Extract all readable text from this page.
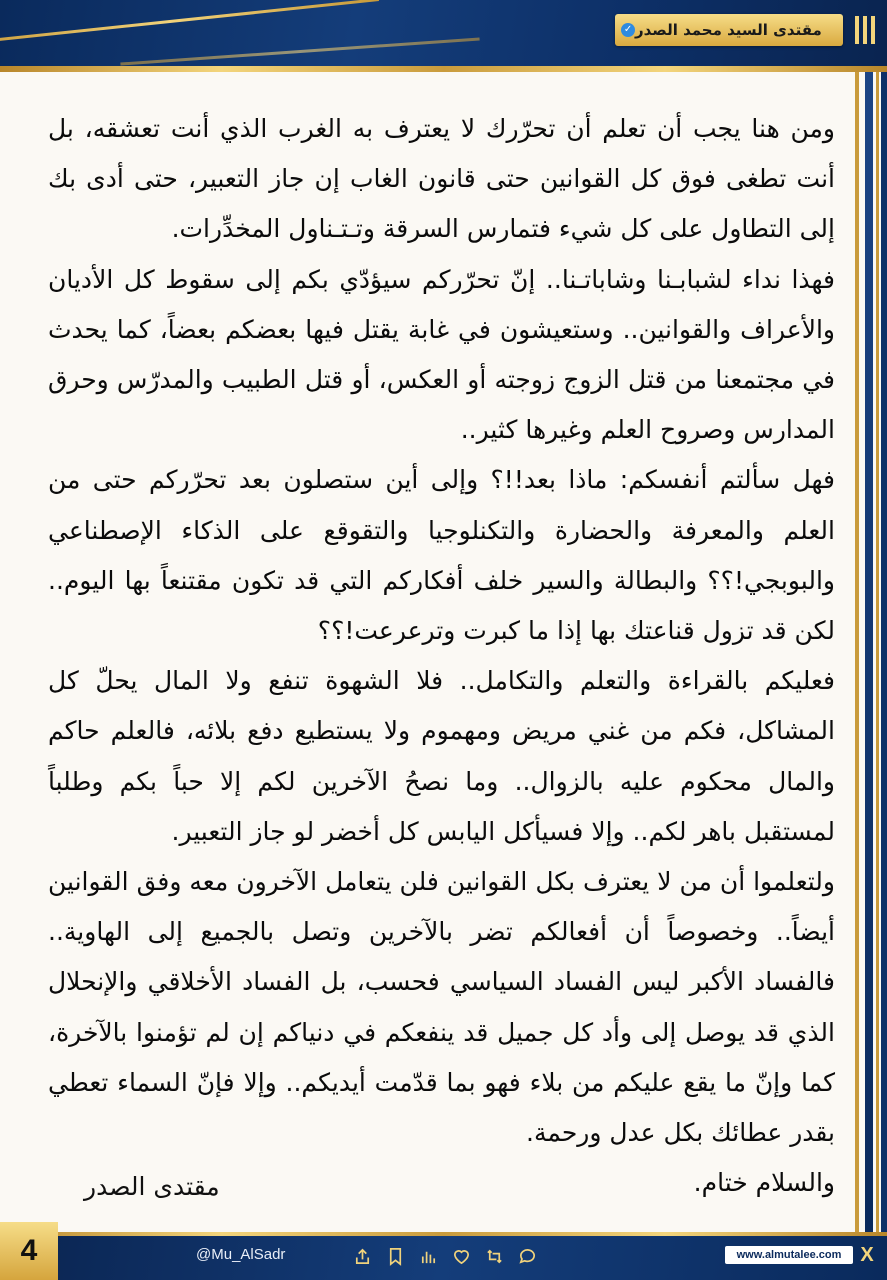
مقتدى السيد محمد الصدر
✓

ومن هنا يجب أن تعلم أن تحرّرك لا يعترف به الغرب الذي أنت تعشقه، بل أنت تطغى فوق كل القوانين حتى قانون الغاب إن جاز التعبير، حتى أدى بك إلى التطاول على كل شيء فتمارس السرقة وتـتـناول المخدِّرات.

فهذا نداء لشبابـنا وشاباتـنا.. إنّ تحرّركم سيؤدّي بكم إلى سقوط كل الأديان والأعراف والقوانين.. وستعيشون في غابة يقتل فيها بعضكم بعضاً، كما يحدث في مجتمعنا من قتل الزوج زوجته أو العكس، أو قتل الطبيب والمدرّس وحرق المدارس وصروح العلم وغيرها كثير..

فهل سألتم أنفسكم: ماذا بعد!!؟ وإلى أين ستصلون بعد تحرّركم حتى من العلم والمعرفة والحضارة والتكنلوجيا والتقوقع على الذكاء الإصطناعي والبوبجي!؟؟ والبطالة والسير خلف أفكاركم التي قد تكون مقتنعاً بها اليوم.. لكن قد تزول قناعتك بها إذا ما كبرت وترعرعت!؟؟

فعليكم بالقراءة والتعلم والتكامل.. فلا الشهوة تنفع ولا المال يحلّ كل المشاكل، فكم من غني مريض ومهموم ولا يستطيع دفع بلائه، فالعلم حاكم والمال محكوم عليه بالزوال.. وما نصحُ الآخرين لكم إلا حباً بكم وطلباً لمستقبل باهر لكم.. وإلا فسيأكل اليابس كل أخضر لو جاز التعبير.

ولتعلموا أن من لا يعترف بكل القوانين فلن يتعامل الآخرون معه وفق القوانين أيضاً.. وخصوصاً أن أفعالكم تضر بالآخرين وتصل بالجميع إلى الهاوية.. فالفساد الأكبر ليس الفساد السياسي فحسب، بل الفساد الأخلاقي والإنحلال الذي قد يوصل إلى وأد كل جميل قد ينفعكم في دنياكم إن لم تؤمنوا بالآخرة، كما وإنّ ما يقع عليكم من بلاء فهو بما قدّمت أيديكم.. وإلا فإنّ السماء تعطي بقدر عطائك بكل عدل ورحمة.

والسلام ختام.

مقتدى الصدر
4	@Mu_AlSadr	www.almutalee.com X
